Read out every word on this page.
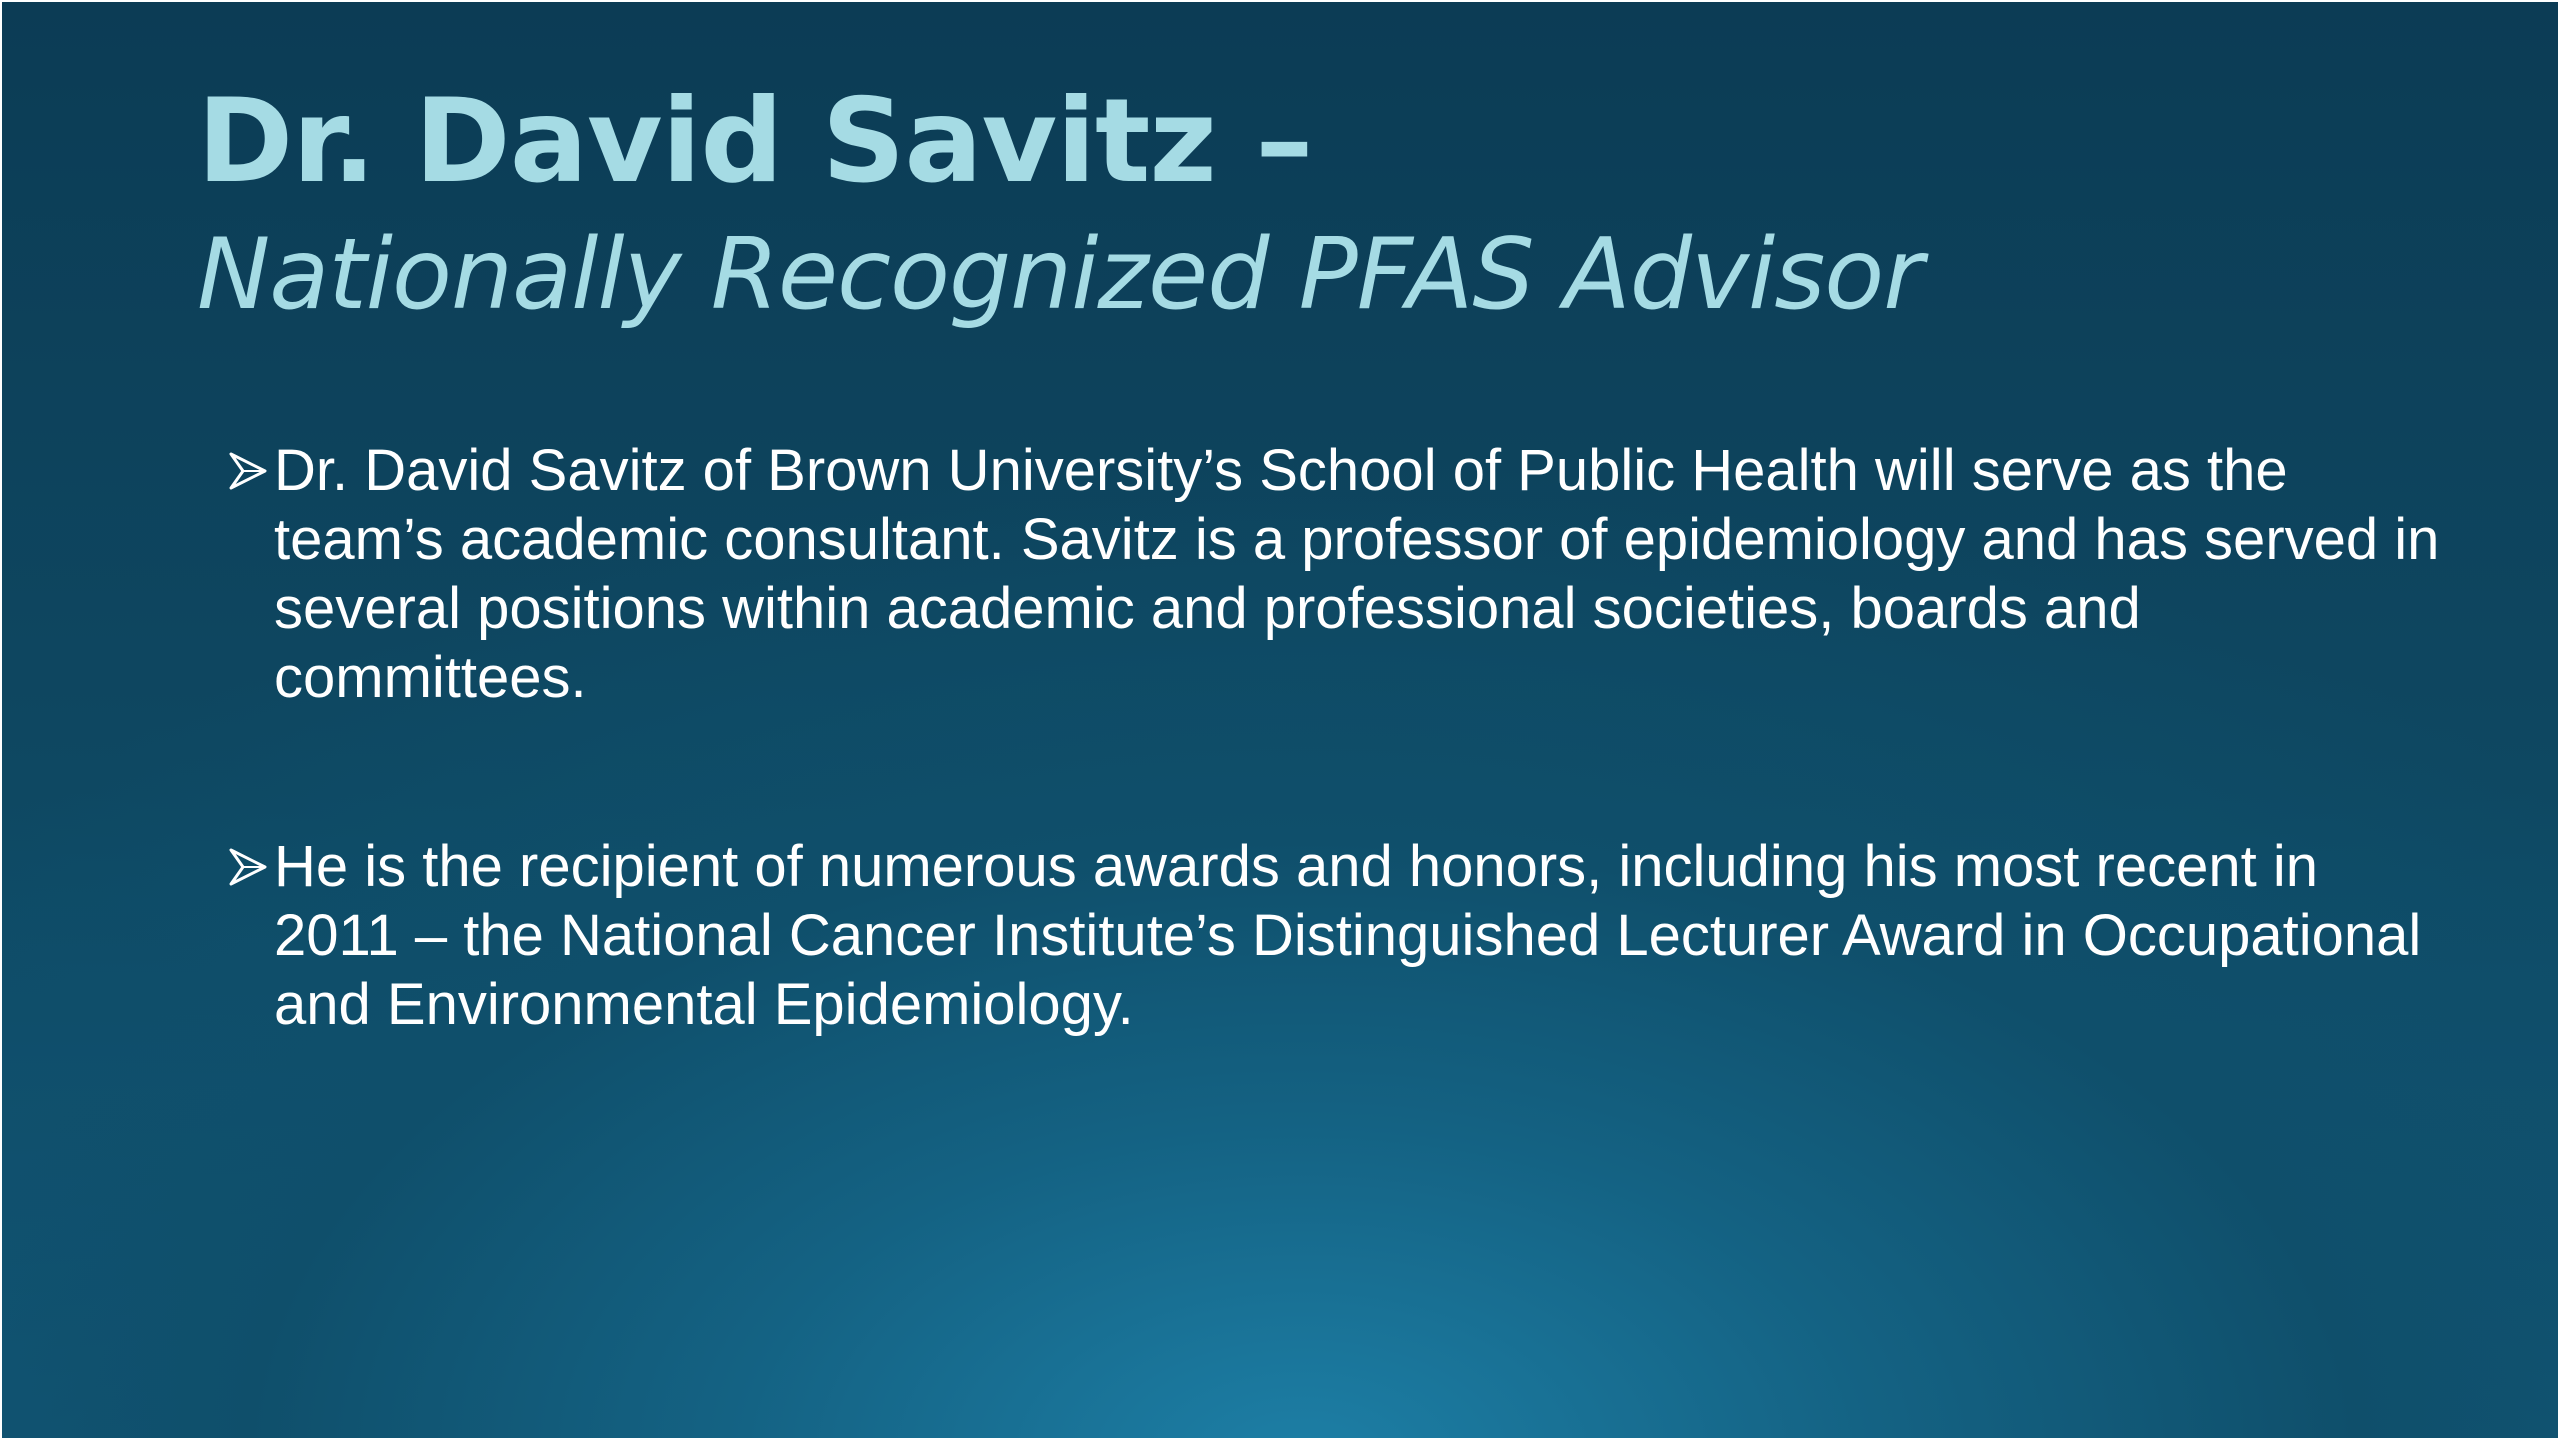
Dr. David Savitz –
Nationally Recognized PFAS Advisor
Dr. David Savitz of Brown University’s School of Public Health will serve as the team’s academic consultant. Savitz is a professor of epidemiology and has served in several positions within academic and professional societies, boards and committees.
He is the recipient of numerous awards and honors, including his most recent in 2011 – the National Cancer Institute’s Distinguished Lecturer Award in Occupational and Environmental Epidemiology.
